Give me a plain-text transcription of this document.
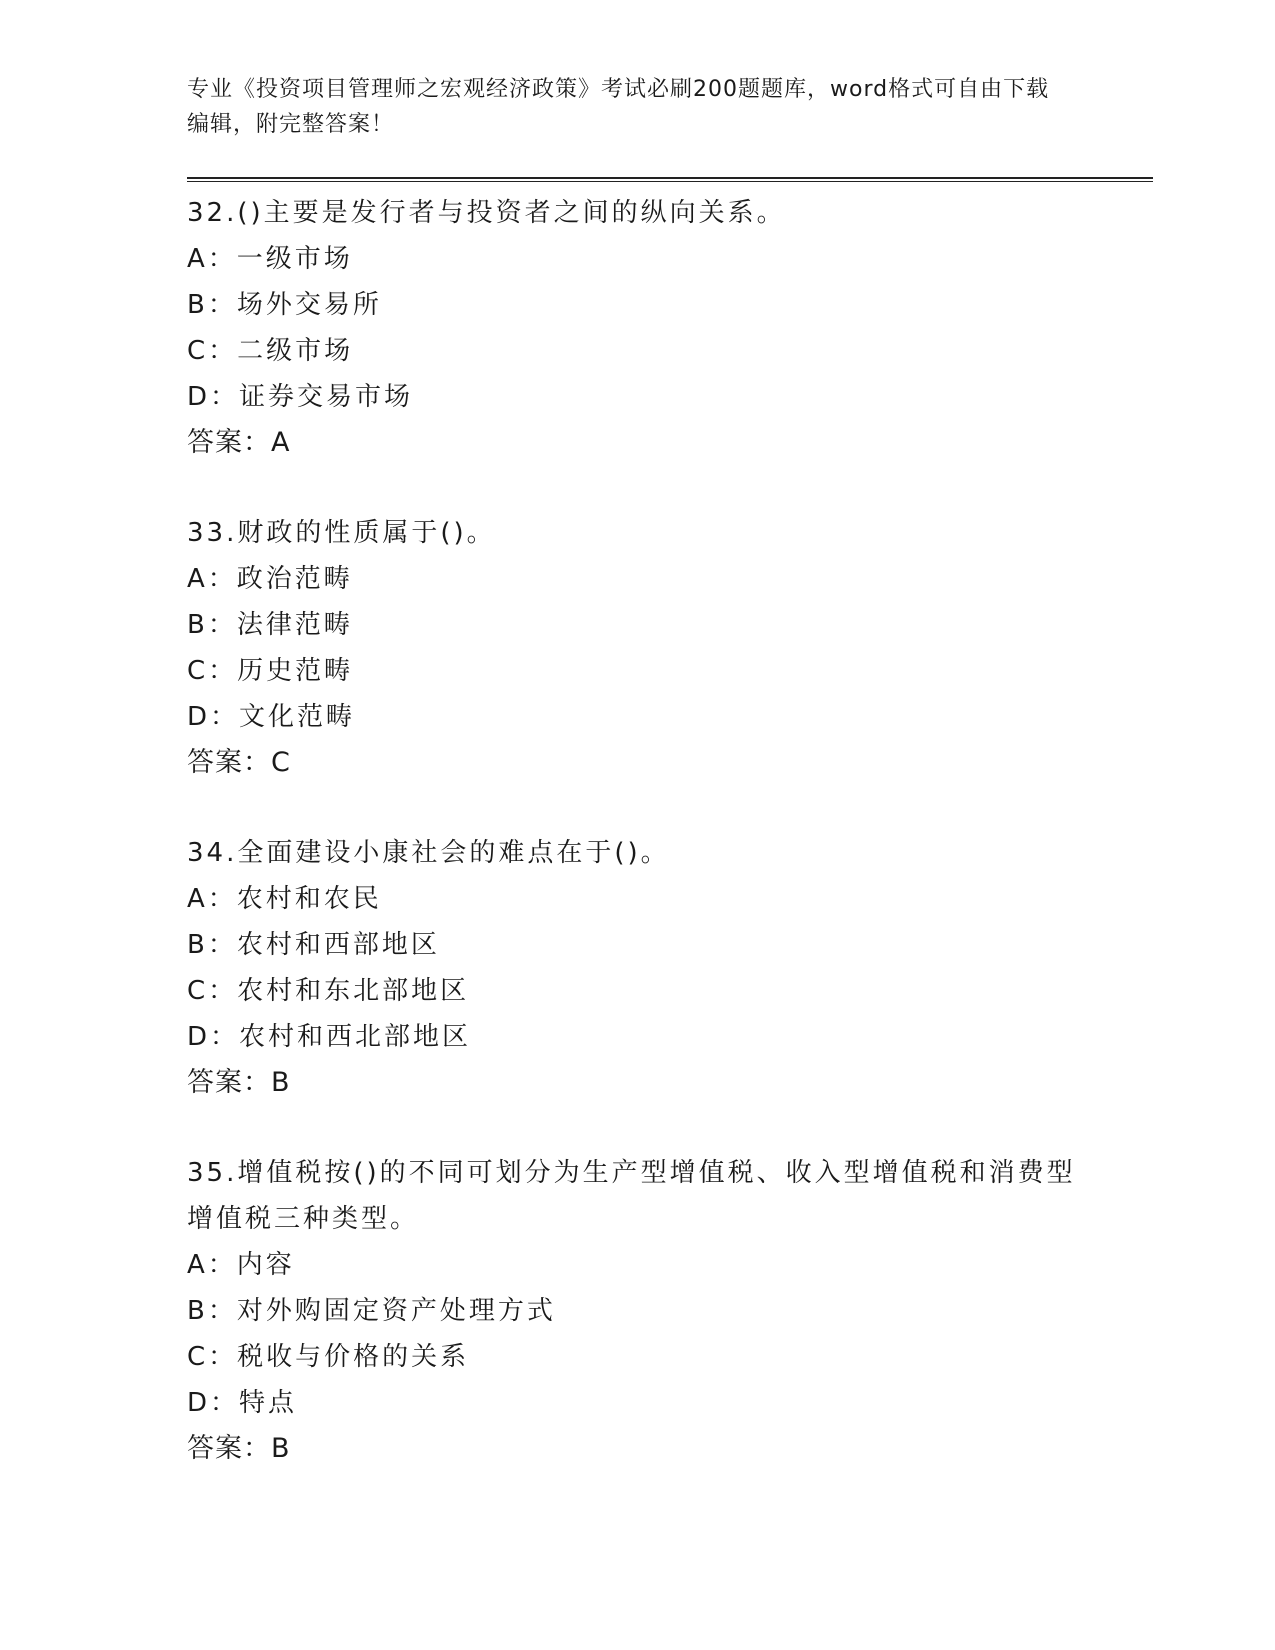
专业《投资项目管理师之宏观经济政策》考试必刷200题题库，word格式可自由下载编辑，附完整答案！

32.()主要是发行者与投资者之间的纵向关系。

A：一级市场

B：场外交易所

C：二级市场

D：证券交易市场

答案：A

33.财政的性质属于()。

A：政治范畴

B：法律范畴

C：历史范畴

D：文化范畴

答案：C

34.全面建设小康社会的难点在于()。

A：农村和农民

B：农村和西部地区

C：农村和东北部地区

D：农村和西北部地区

答案：B

35.增值税按()的不同可划分为生产型增值税、收入型增值税和消费型增值税三种类型。

A：内容

B：对外购固定资产处理方式

C：税收与价格的关系

D：特点

答案：B
